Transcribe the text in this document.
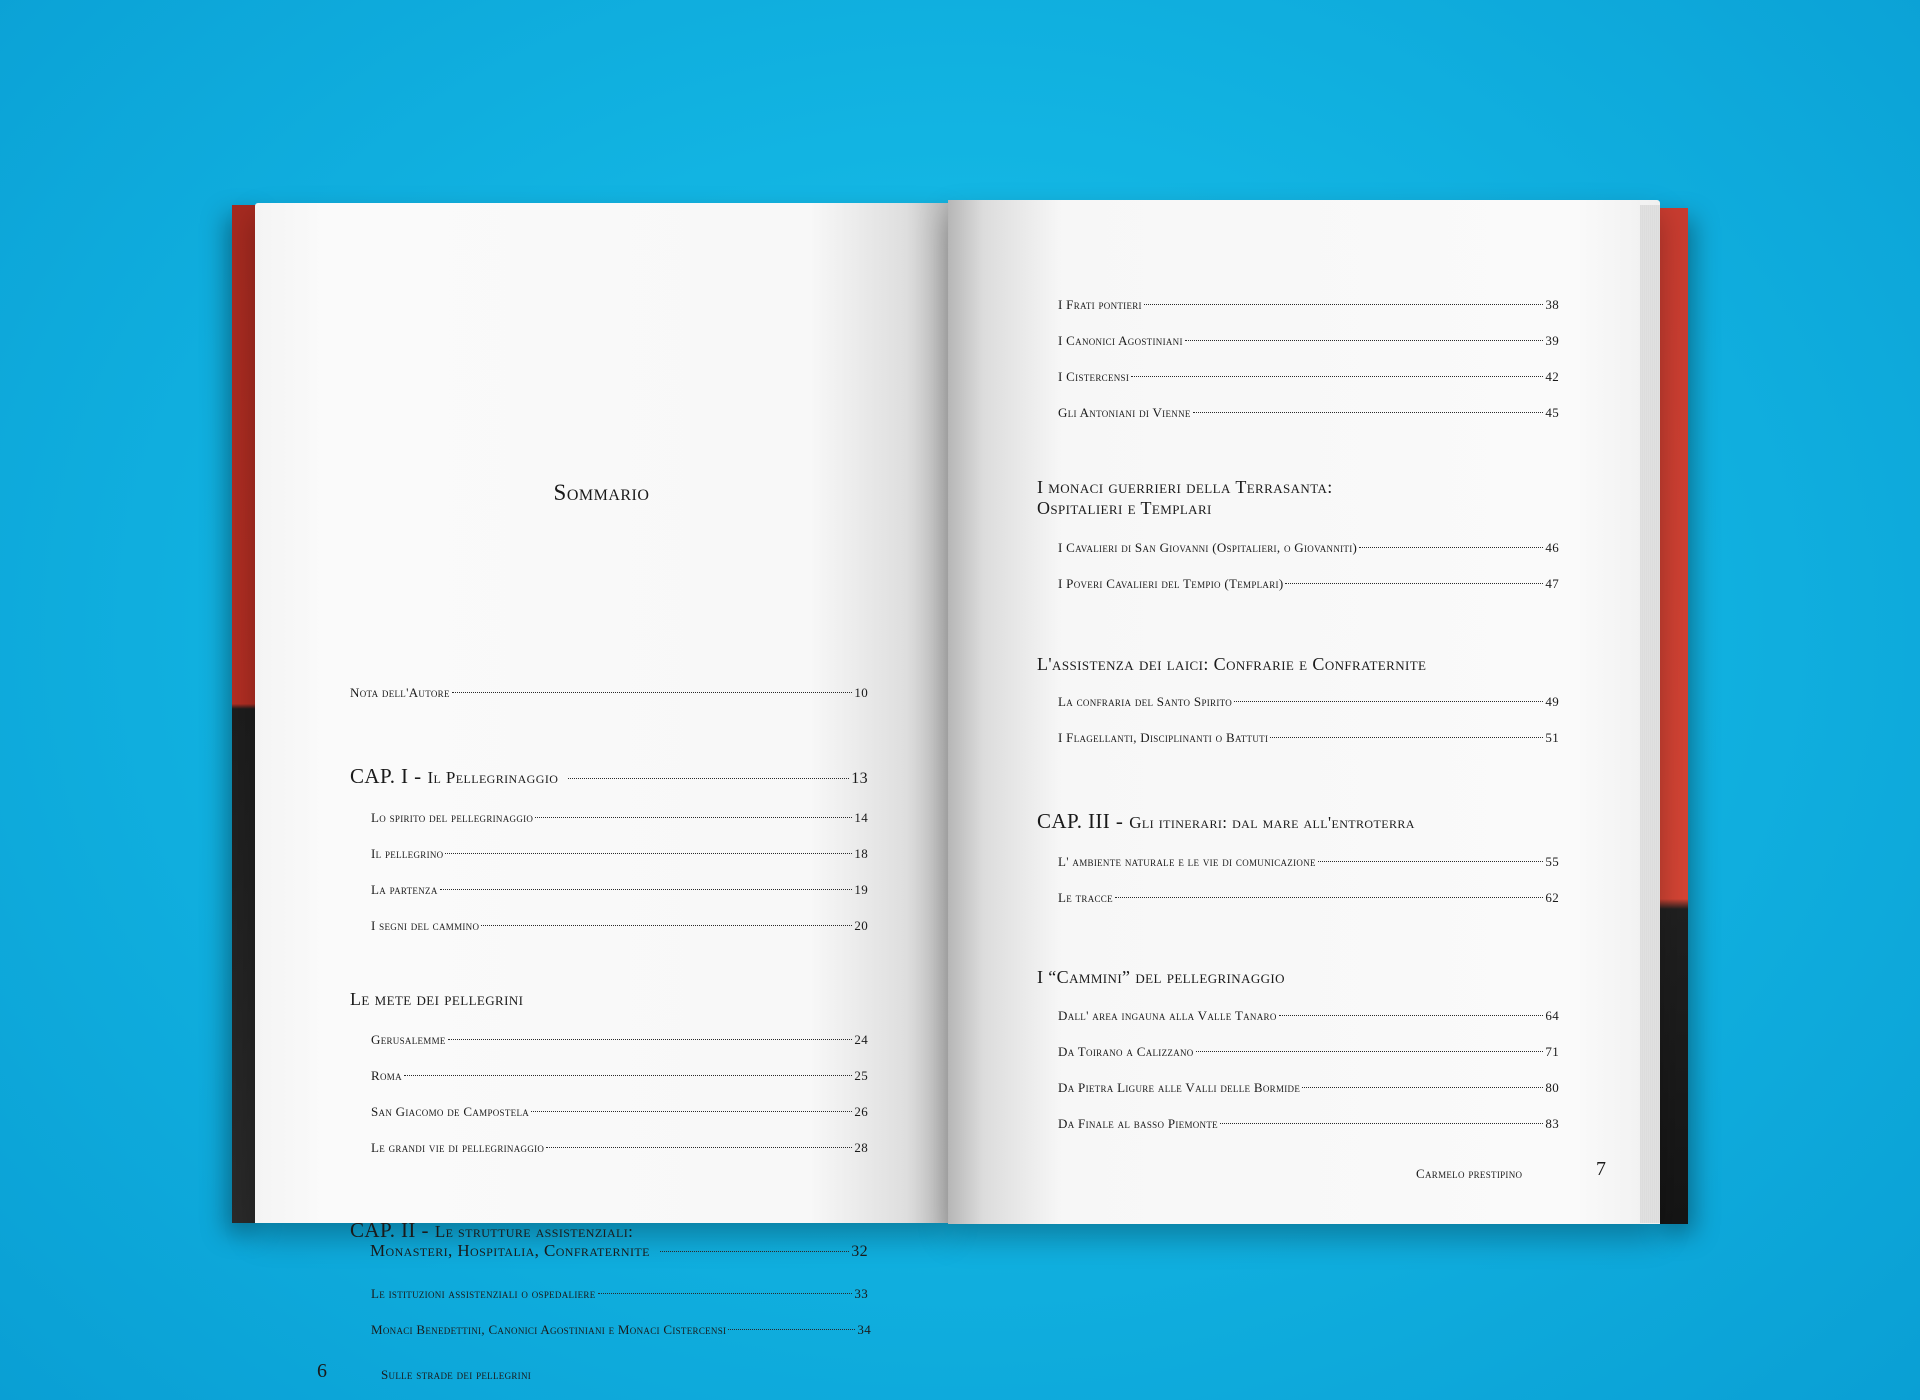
Sommario
Nota dell'Autore	10
CAP. I - Il Pellegrinaggio	13
Lo spirito del pellegrinaggio	14
Il pellegrino	18
La partenza	19
I segni del cammino	20
Le mete dei pellegrini
Gerusalemme	24
Roma	25
San Giacomo de Campostela	26
Le grandi vie di pellegrinaggio	28
CAP. II - Le strutture assistenziali:
Monasteri, Hospitalia, Confraternite	32
Le istituzioni assistenziali o ospedaliere	33
Monaci Benedettini, Canonici Agostiniani e Monaci Cistercensi	34
6	Sulle strade dei pellegrini
I Frati pontieri	38
I Canonici Agostiniani	39
I Cistercensi	42
Gli Antoniani di Vienne	45
I monaci guerrieri della Terrasanta:
Ospitalieri e Templari
I Cavalieri di San Giovanni (Ospitalieri, o Giovanniti)	46
I Poveri Cavalieri del Tempio (Templari)	47
L'assistenza dei laici: Confrarie e Confraternite
La confraria del Santo Spirito	49
I Flagellanti, Disciplinanti o Battuti	51
CAP. III - Gli itinerari: dal mare all'entroterra
L' ambiente naturale e le vie di comunicazione	55
Le tracce	62
I “Cammini” del pellegrinaggio
Dall' area ingauna alla Valle Tanaro	64
Da Toirano a Calizzano	71
Da Pietra Ligure alle Valli delle Bormide	80
Da Finale al basso Piemonte	83
Carmelo prestipino	7
